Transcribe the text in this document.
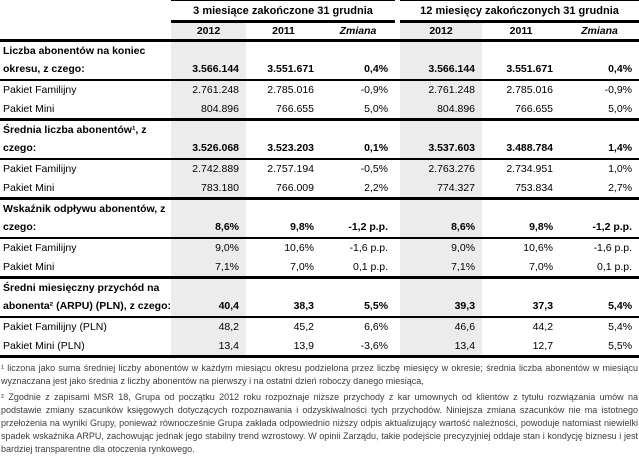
	3 miesiące zakończone 31 grudnia				12 miesięcy zakończonych 31 grudnia		
	2012	2011	Zmiana		2012	2011	Zmiana
Liczba abonentów na koniec							
okresu, z czego:	3.566.144	3.551.671	0,4%		3.566.144	3.551.671	0,4%
Pakiet Familijny	2.761.248	2.785.016	-0,9%		2.761.248	2.785.016	-0,9%
Pakiet Mini	804.896	766.655	5,0%		804.896	766.655	5,0%
Średnia liczba abonentów¹, z							
czego:	3.526.068	3.523.203	0,1%		3.537.603	3.488.784	1,4%
Pakiet Familijny	2.742.889	2.757.194	-0,5%		2.763.276	2.734.951	1,0%
Pakiet Mini	783.180	766.009	2,2%		774.327	753.834	2,7%
Wskaźnik odpływu abonentów, z							
czego:	8,6%	9,8%	-1,2 p.p.		8,6%	9,8%	-1,2 p.p.
Pakiet Familijny	9,0%	10,6%	-1,6 p.p.		9,0%	10,6%	-1,6 p.p.
Pakiet Mini	7,1%	7,0%	0,1 p.p.		7,1%	7,0%	0,1 p.p.
Średni miesięczny przychód na							
abonenta² (ARPU) (PLN), z czego:	40,4	38,3	5,5%		39,3	37,3	5,4%
Pakiet Familijny (PLN)	48,2	45,2	6,6%		46,6	44,2	5,4%
Pakiet Mini (PLN)	13,4	13,9	-3,6%		13,4	12,7	5,5%

¹ liczona jako suma średniej liczby abonentów w każdym miesiącu okresu podzielona przez liczbę miesięcy w okresie; średnia liczba abonentów w miesiącu wyznaczana jest jako średnia z liczby abonentów na pierwszy i na ostatni dzień roboczy danego miesiąca,

² Zgodnie z zapisami MSR 18, Grupa od początku 2012 roku rozpoznaje niższe przychody z kar umownych od klientów z tytułu rozwiązania umów na podstawie zmiany szacunków księgowych dotyczących rozpoznawania i odzyskiwalności tych przychodów. Niniejsza zmiana szacunków nie ma istotnego przełożenia na wyniki Grupy, ponieważ równocześnie Grupa zakłada odpowiednio niższy odpis aktualizujący wartość należności, powoduje natomiast niewielki spadek wskaźnika ARPU, zachowując jednak jego stabilny trend wzrostowy. W opinii Zarządu, takie podejście precyzyjniej oddaje stan i kondycję biznesu i jest bardziej transparentne dla otoczenia rynkowego.
